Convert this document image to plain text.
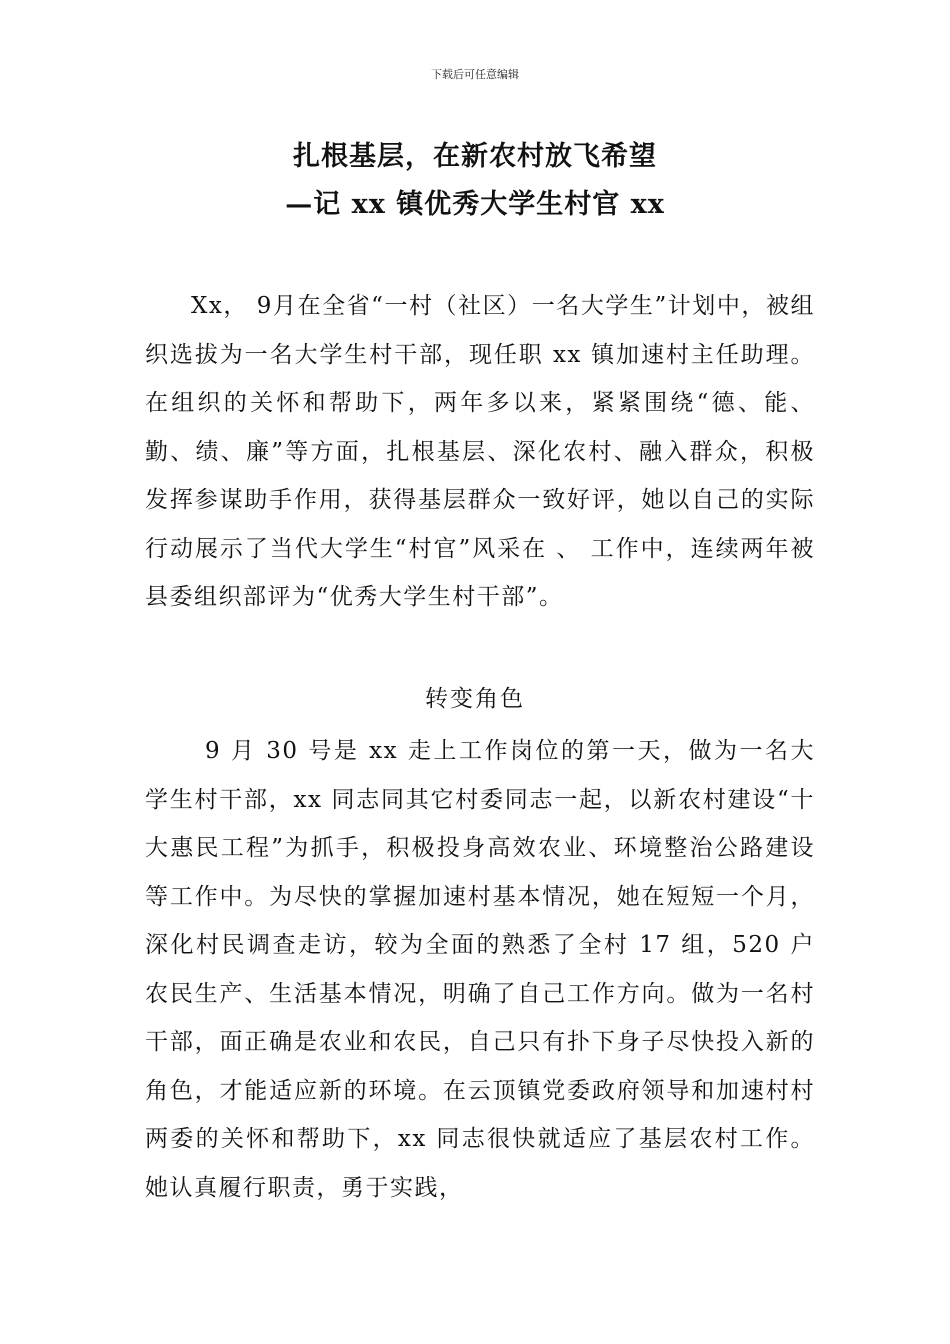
下载后可任意编辑
扎根基层，在新农村放飞希望
—记 xx 镇优秀大学生村官 xx

Xx， 9月在全省“一村（社区）一名大学生”计划中，被组织选拔为一名大学生村干部，现任职 xx 镇加速村主任助理。在组织的关怀和帮助下，两年多以来，紧紧围绕“德、能、勤、绩、廉”等方面，扎根基层、深化农村、融入群众，积极发挥参谋助手作用，获得基层群众一致好评，她以自己的实际行动展示了当代大学生“村官”风采在 、 工作中，连续两年被县委组织部评为“优秀大学生村干部”。

转变角色

9 月 30 号是 xx 走上工作岗位的第一天，做为一名大学生村干部，xx 同志同其它村委同志一起，以新农村建设“十大惠民工程”为抓手，积极投身高效农业、环境整治公路建设等工作中。为尽快的掌握加速村基本情况，她在短短一个月，深化村民调查走访，较为全面的熟悉了全村 17 组，520 户农民生产、生活基本情况，明确了自己工作方向。做为一名村干部，面正确是农业和农民，自己只有扑下身子尽快投入新的角色，才能适应新的环境。在云顶镇党委政府领导和加速村村两委的关怀和帮助下，xx 同志很快就适应了基层农村工作。她认真履行职责，勇于实践，
